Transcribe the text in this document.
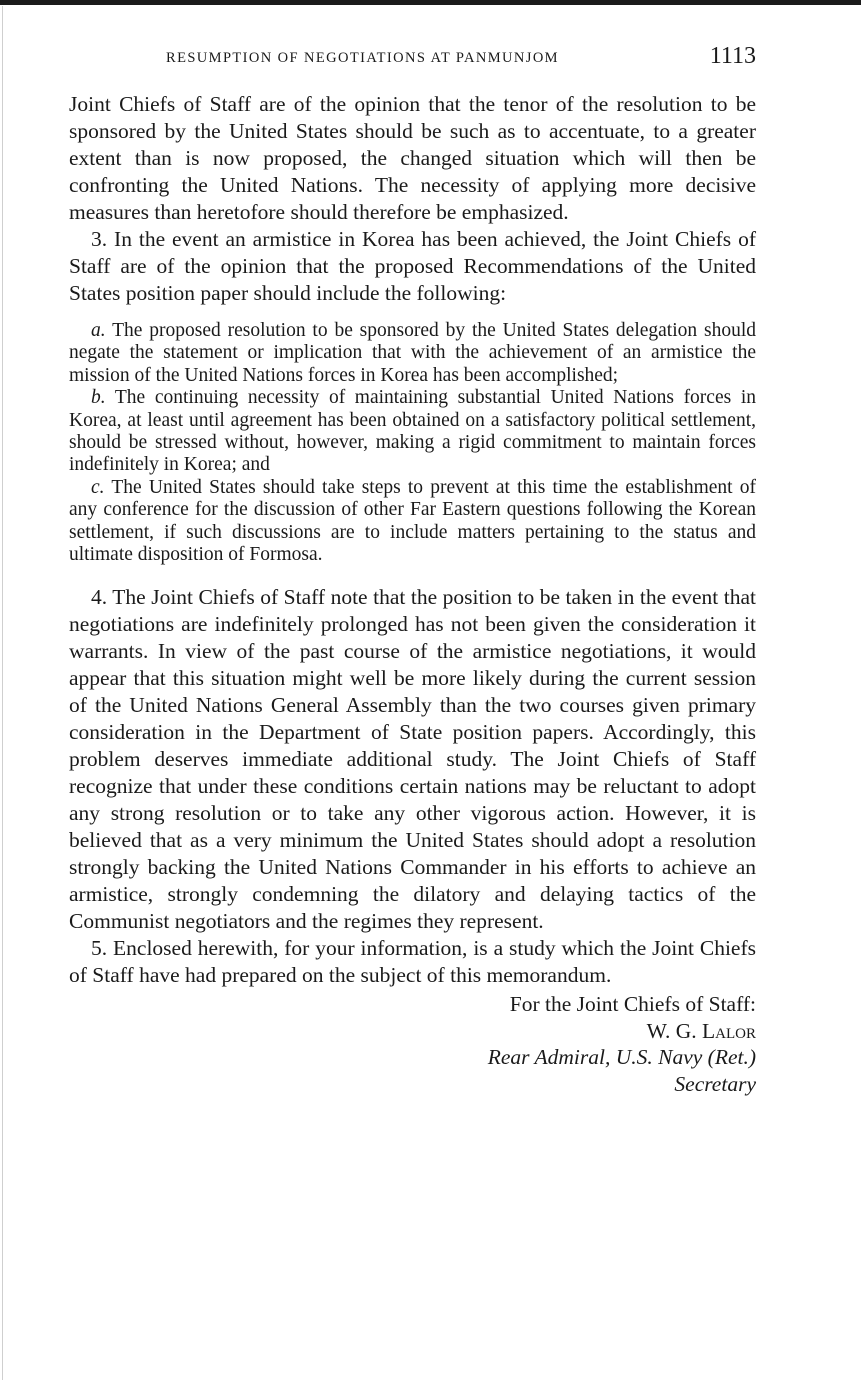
RESUMPTION OF NEGOTIATIONS AT PANMUNJOM	1113

Joint Chiefs of Staff are of the opinion that the tenor of the resolution to be sponsored by the United States should be such as to accentuate, to a greater extent than is now proposed, the changed situation which will then be confronting the United Nations. The necessity of applying more decisive measures than heretofore should therefore be emphasized.

3. In the event an armistice in Korea has been achieved, the Joint Chiefs of Staff are of the opinion that the proposed Recommendations of the United States position paper should include the following:

a. The proposed resolution to be sponsored by the United States delegation should negate the statement or implication that with the achievement of an armistice the mission of the United Nations forces in Korea has been accomplished;

b. The continuing necessity of maintaining substantial United Nations forces in Korea, at least until agreement has been obtained on a satisfactory political settlement, should be stressed without, however, making a rigid commitment to maintain forces indefinitely in Korea; and

c. The United States should take steps to prevent at this time the establishment of any conference for the discussion of other Far Eastern questions following the Korean settlement, if such discussions are to include matters pertaining to the status and ultimate disposition of Formosa.

4. The Joint Chiefs of Staff note that the position to be taken in the event that negotiations are indefinitely prolonged has not been given the consideration it warrants. In view of the past course of the armistice negotiations, it would appear that this situation might well be more likely during the current session of the United Nations General Assembly than the two courses given primary consideration in the Department of State position papers. Accordingly, this problem deserves immediate additional study. The Joint Chiefs of Staff recognize that under these conditions certain nations may be reluctant to adopt any strong resolution or to take any other vigorous action. However, it is believed that as a very minimum the United States should adopt a resolution strongly backing the United Nations Commander in his efforts to achieve an armistice, strongly condemning the dilatory and delaying tactics of the Communist negotiators and the regimes they represent.

5. Enclosed herewith, for your information, is a study which the Joint Chiefs of Staff have had prepared on the subject of this memorandum.

For the Joint Chiefs of Staff:
W. G. Lalor
Rear Admiral, U.S. Navy (Ret.)
Secretary
